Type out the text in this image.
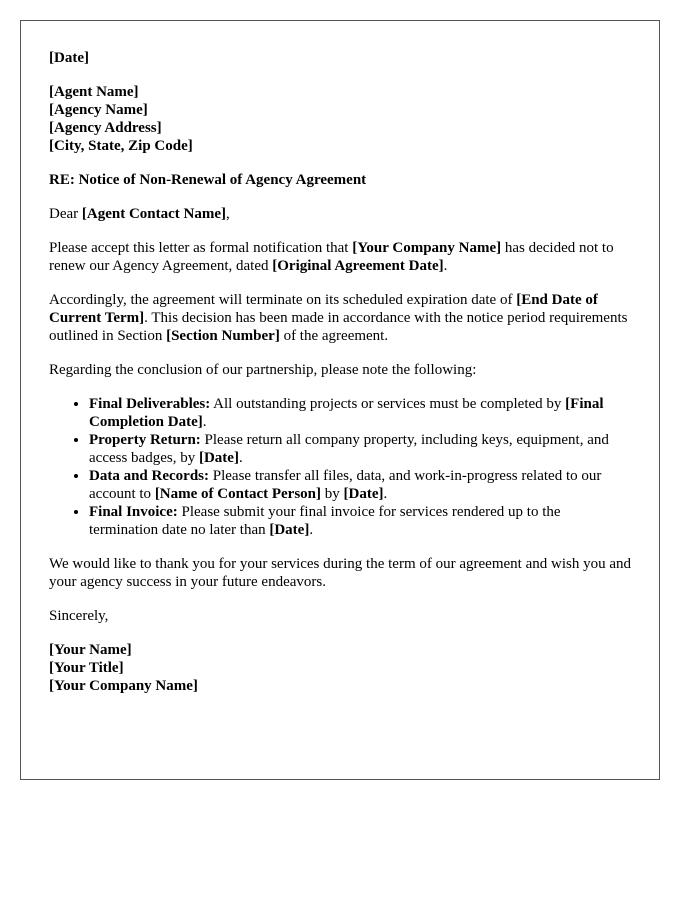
[Date]

[Agent Name]
[Agency Name]
[Agency Address]
[City, State, Zip Code]

RE: Notice of Non-Renewal of Agency Agreement

Dear [Agent Contact Name],

Please accept this letter as formal notification that [Your Company Name] has decided not to renew our Agency Agreement, dated [Original Agreement Date].

Accordingly, the agreement will terminate on its scheduled expiration date of [End Date of Current Term]. This decision has been made in accordance with the notice period requirements outlined in Section [Section Number] of the agreement.

Regarding the conclusion of our partnership, please note the following:

• Final Deliverables: All outstanding projects or services must be completed by [Final Completion Date].
• Property Return: Please return all company property, including keys, equipment, and access badges, by [Date].
• Data and Records: Please transfer all files, data, and work-in-progress related to our account to [Name of Contact Person] by [Date].
• Final Invoice: Please submit your final invoice for services rendered up to the termination date no later than [Date].

We would like to thank you for your services during the term of our agreement and wish you and your agency success in your future endeavors.

Sincerely,

[Your Name]
[Your Title]
[Your Company Name]
